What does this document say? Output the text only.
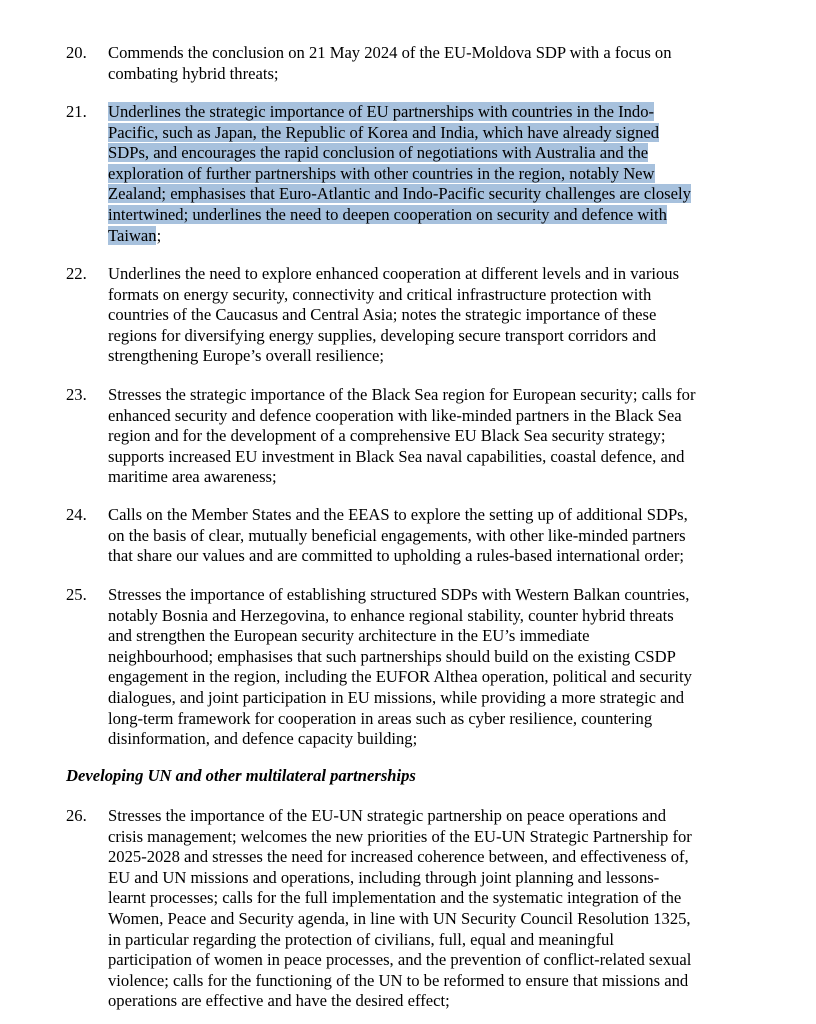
20.	Commends the conclusion on 21 May 2024 of the EU-Moldova SDP with a focus on
combating hybrid threats;
21.	Underlines the strategic importance of EU partnerships with countries in the Indo-
Pacific, such as Japan, the Republic of Korea and India, which have already signed
SDPs, and encourages the rapid conclusion of negotiations with Australia and the
exploration of further partnerships with other countries in the region, notably New
Zealand; emphasises that Euro-Atlantic and Indo-Pacific security challenges are closely
intertwined; underlines the need to deepen cooperation on security and defence with
Taiwan;
22.	Underlines the need to explore enhanced cooperation at different levels and in various
formats on energy security, connectivity and critical infrastructure protection with
countries of the Caucasus and Central Asia; notes the strategic importance of these
regions for diversifying energy supplies, developing secure transport corridors and
strengthening Europe’s overall resilience;
23.	Stresses the strategic importance of the Black Sea region for European security; calls for
enhanced security and defence cooperation with like-minded partners in the Black Sea
region and for the development of a comprehensive EU Black Sea security strategy;
supports increased EU investment in Black Sea naval capabilities, coastal defence, and
maritime area awareness;
24.	Calls on the Member States and the EEAS to explore the setting up of additional SDPs,
on the basis of clear, mutually beneficial engagements, with other like-minded partners
that share our values and are committed to upholding a rules-based international order;
25.	Stresses the importance of establishing structured SDPs with Western Balkan countries,
notably Bosnia and Herzegovina, to enhance regional stability, counter hybrid threats
and strengthen the European security architecture in the EU’s immediate
neighbourhood; emphasises that such partnerships should build on the existing CSDP
engagement in the region, including the EUFOR Althea operation, political and security
dialogues, and joint participation in EU missions, while providing a more strategic and
long-term framework for cooperation in areas such as cyber resilience, countering
disinformation, and defence capacity building;
Developing UN and other multilateral partnerships
26.	Stresses the importance of the EU-UN strategic partnership on peace operations and
crisis management; welcomes the new priorities of the EU-UN Strategic Partnership for
2025-2028 and stresses the need for increased coherence between, and effectiveness of,
EU and UN missions and operations, including through joint planning and lessons-
learnt processes; calls for the full implementation and the systematic integration of the
Women, Peace and Security agenda, in line with UN Security Council Resolution 1325,
in particular regarding the protection of civilians, full, equal and meaningful
participation of women in peace processes, and the prevention of conflict-related sexual
violence; calls for the functioning of the UN to be reformed to ensure that missions and
operations are effective and have the desired effect;
